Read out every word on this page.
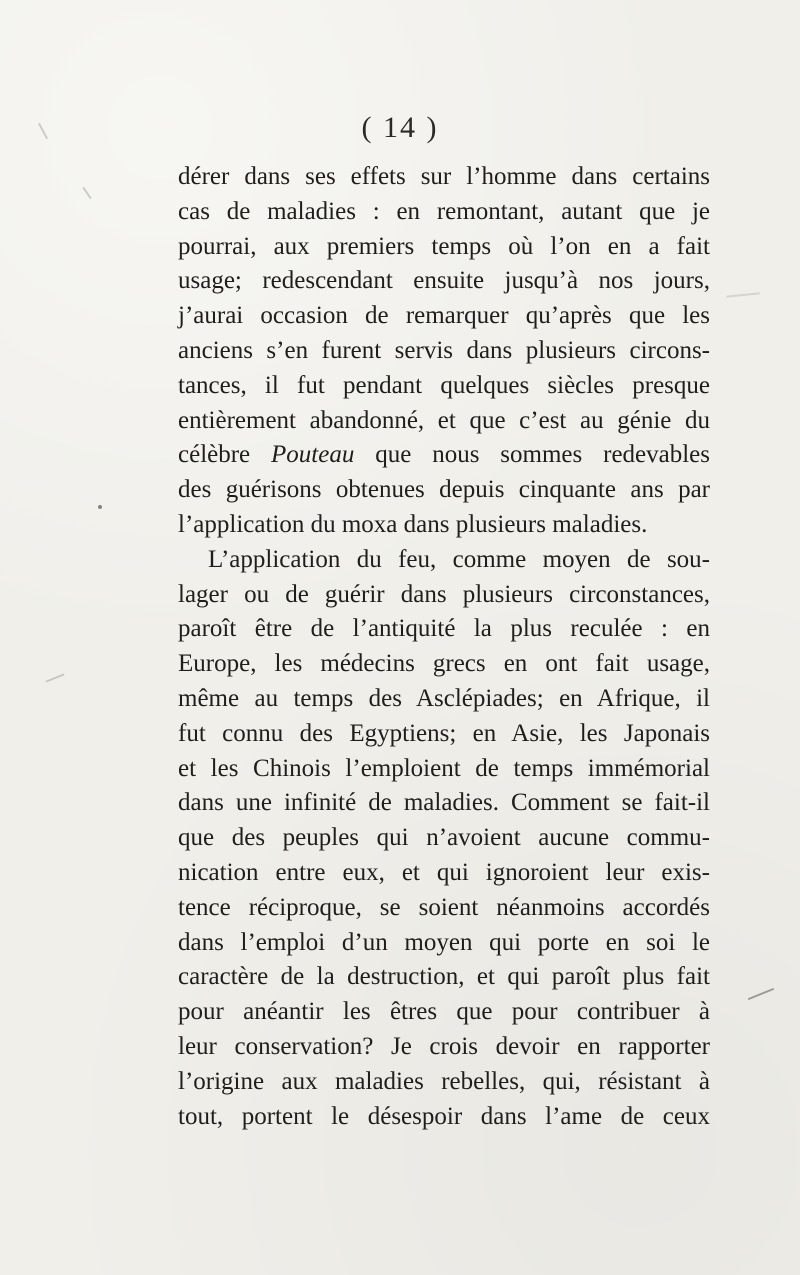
( 14 )
dérer dans ses effets sur l’homme dans certains
cas de maladies : en remontant, autant que je
pourrai, aux premiers temps où l’on en a fait
usage; redescendant ensuite jusqu’à nos jours,
j’aurai occasion de remarquer qu’après que les
anciens s’en furent servis dans plusieurs circons-
tances, il fut pendant quelques siècles presque
entièrement abandonné, et que c’est au génie du
célèbre Pouteau que nous sommes redevables
des guérisons obtenues depuis cinquante ans par
l’application du moxa dans plusieurs maladies.
L’application du feu, comme moyen de sou-
lager ou de guérir dans plusieurs circonstances,
paroît être de l’antiquité la plus reculée : en
Europe, les médecins grecs en ont fait usage,
même au temps des Asclépiades; en Afrique, il
fut connu des Egyptiens; en Asie, les Japonais
et les Chinois l’emploient de temps immémorial
dans une infinité de maladies. Comment se fait-il
que des peuples qui n’avoient aucune commu-
nication entre eux, et qui ignoroient leur exis-
tence réciproque, se soient néanmoins accordés
dans l’emploi d’un moyen qui porte en soi le
caractère de la destruction, et qui paroît plus fait
pour anéantir les êtres que pour contribuer à
leur conservation? Je crois devoir en rapporter
l’origine aux maladies rebelles, qui, résistant à
tout, portent le désespoir dans l’ame de ceux
